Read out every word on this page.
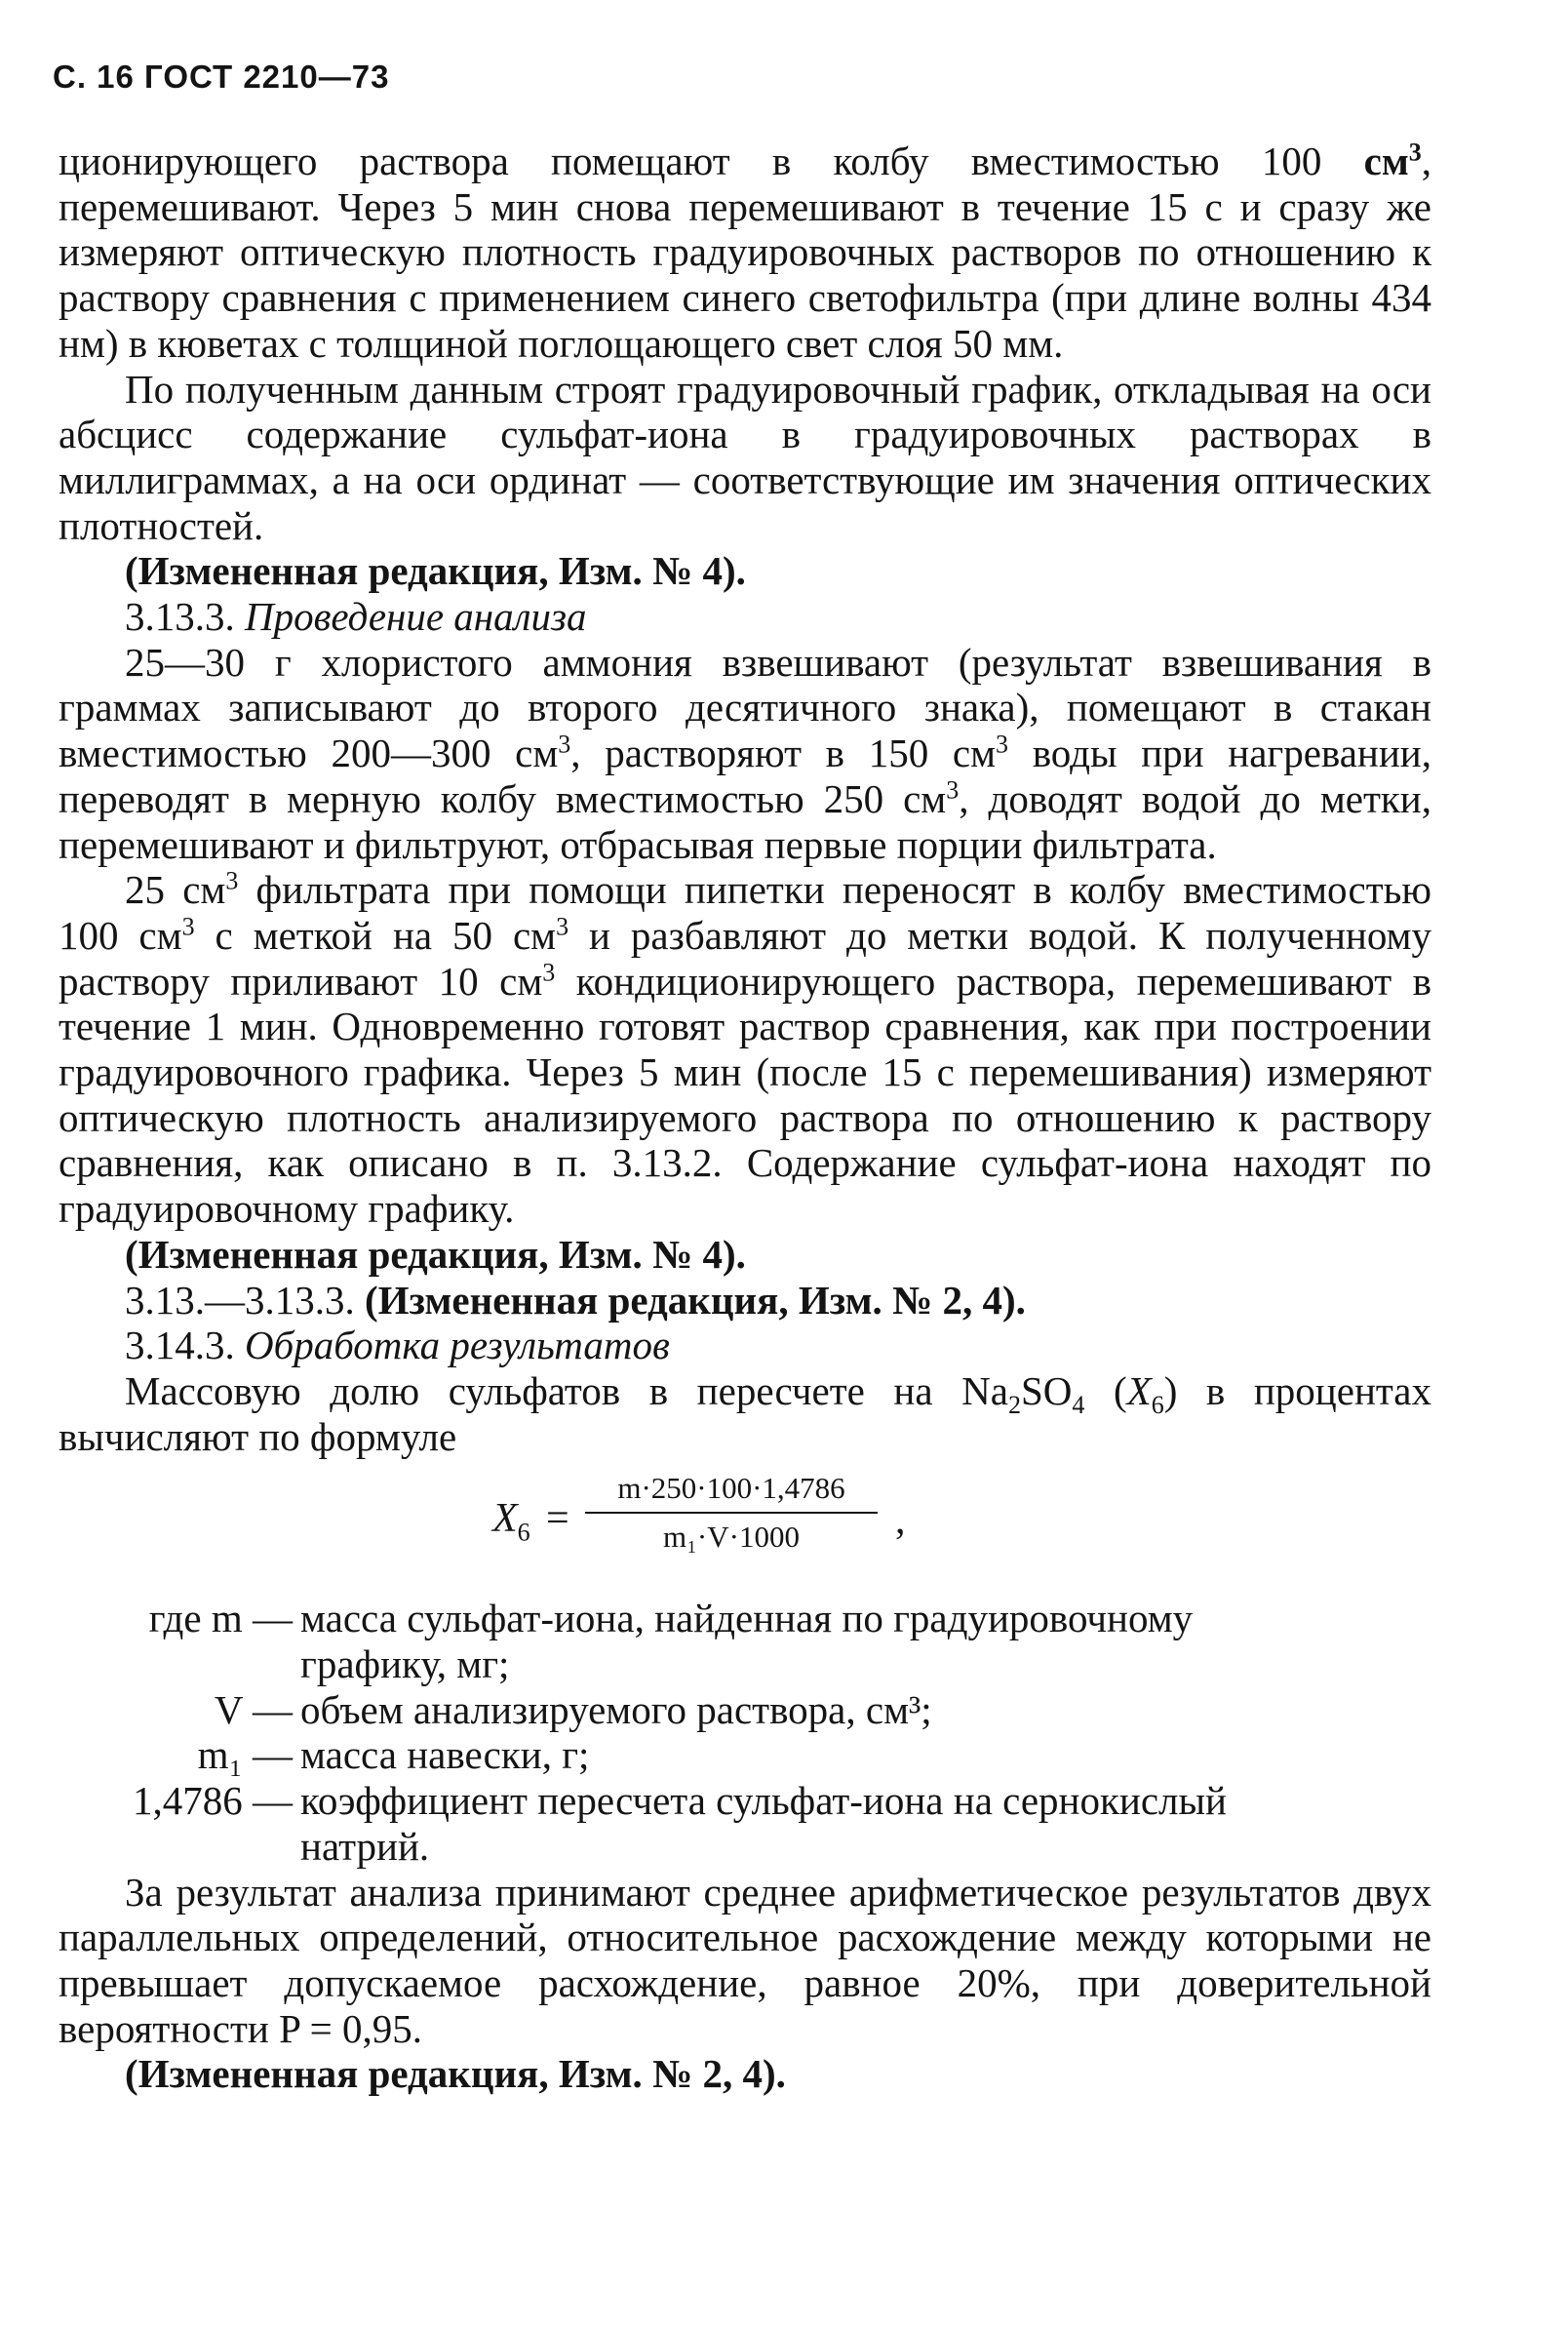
С. 16 ГОСТ 2210—73

ционирующего раствора помещают в колбу вместимостью 100 $см^3$, перемешивают. Через 5 мин снова перемешивают в течение 15 с и сразу же измеряют оптическую плотность градуировочных растворов по отношению к раствору сравнения с применением синего светофильтра (при длине волны 434 нм) в кюветах с толщиной поглощающего свет слоя 50 мм.

По полученным данным строят градуировочный график, откладывая на оси абсцисс содержание сульфат-иона в градуировочных растворах в миллиграммах, а на оси ординат — соответствующие им значения оптических плотностей.

(Измененная редакция, Изм. № 4).

3.13.3. Проведение анализа

25—30 г хлористого аммония взвешивают (результат взвешивания в граммах записывают до второго десятичного знака), помещают в стакан вместимостью 200—300 $см^3$, растворяют в 150 $см^3$ воды при нагревании, переводят в мерную колбу вместимостью 250 $см^3$, доводят водой до метки, перемешивают и фильтруют, отбрасывая первые порции фильтрата.

25 $см^3$ фильтрата при помощи пипетки переносят в колбу вместимостью 100 $см^3$ с меткой на 50 $см^3$ и разбавляют до метки водой. К полученному раствору приливают 10 $см^3$ кондиционирующего раствора, перемешивают в течение 1 мин. Одновременно готовят раствор сравнения, как при построении градуировочного графика. Через 5 мин (после 15 с перемешивания) измеряют оптическую плотность анализируемого раствора по отношению к раствору сравнения, как описано в п. 3.13.2. Содержание сульфат-иона находят по градуировочному графику.

(Измененная редакция, Изм. № 4).

3.13.—3.13.3. (Измененная редакция, Изм. № 2, 4).

3.14.3. Обработка результатов

Массовую долю сульфатов в пересчете на $Na_2SO_4$ $(X_6)$ в процентах вычисляют по формуле

$X_6$ =
m·250·100·1,4786
m₁·V·1000	,
где m — масса сульфат-иона, найденная по градуировочному
графику, мг;
V — объем анализируемого раствора, см³;
m₁ — масса навески, г;
1,4786 — коэффициент пересчета сульфат-иона на сернокислый
натрий.

За результат анализа принимают среднее арифметическое результатов двух параллельных определений, относительное расхождение между которыми не превышает допускаемое расхождение, равное 20%, при доверительной вероятности P = 0,95.

(Измененная редакция, Изм. № 2, 4).
